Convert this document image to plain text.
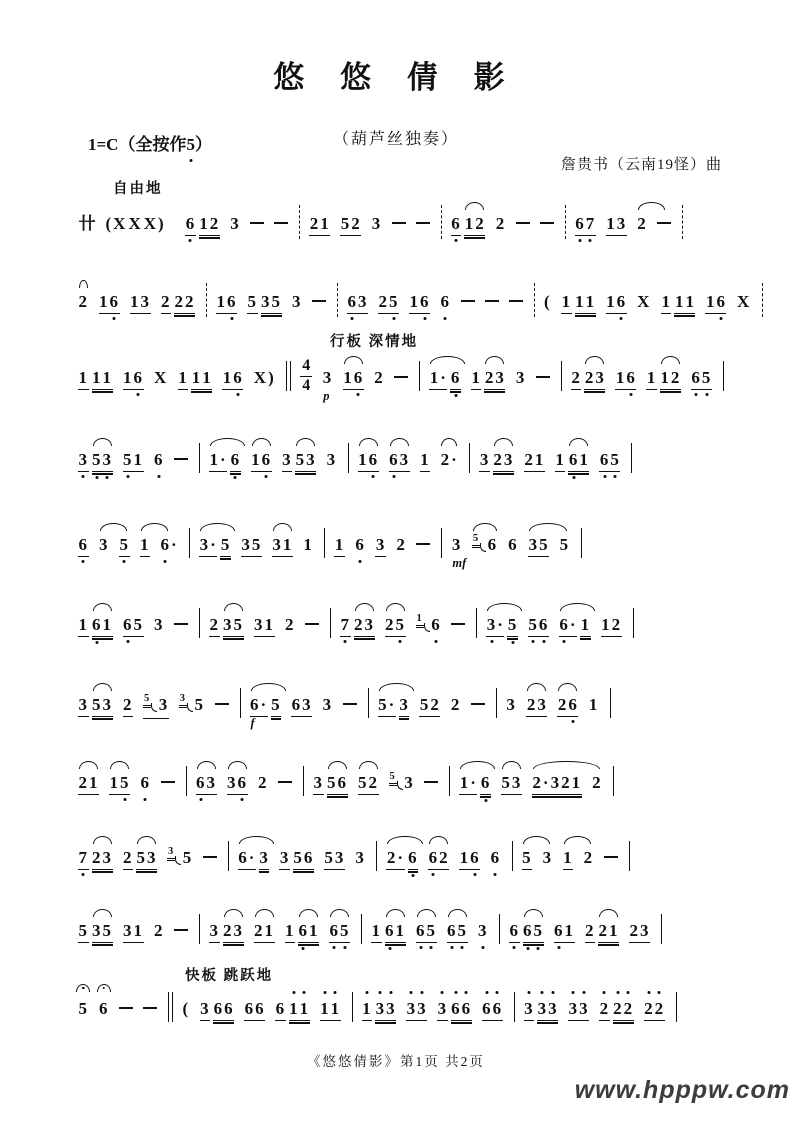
悠 悠 倩 影
（葫芦丝独奏）
1=C（全按作5
）
詹贵书（云南19怪）曲
自由地
卄 (X X X) 6 12 3	21 52 3	6 12 2	6
7 13 2
2 16 13 2 22 16 5 35 3	6
3 25 16 6	( 1 11 16 X 1 11 16 X
行板 深情地
1 11 16 X 1 11 16 $X) \frac{4}{4} 3$
p
16 2	1· 6 1 23 3	2 23 16 1 12 6
5
3 5
3 5
1 6	1· 6 16 3 53 3 16 6
3 1 2· 3 23 21 1 6
1 6
5
6 3 5 1 6
· 3· 5 35 31 1 1 6 3 2	3
mf
5 6 6 35 5
1 6
1 6
5 3	2 35 31 2	7 23 25 1 6	3
· 5 5
6 6
· 1 12
3 53 2 5 3 3 5	6·
f
5 63 3	5· 3 52 2	3 23 26 1
21 15 6	6
3 36 2	3 56 52 5 3	1· 6 53 2·321 2
7 23 2 53 3 5	6· 3 3 56 53 3 2· 6 6
2 16 6 5 3 1 2
5 35 31 2	3 23 21 1 6
1 6
5 1 6
1 6
5 6
5 3 6 6
5 6
1 2 21 23
快板 跳跃地
5 6	( 3 66 66 6 1
1 1
1 1 3
3 3
3 3 6
6 6
6 3 3
3 3
3 2 2
2 2
2
《悠悠倩影》第1页 共2页
www.hpppw.com
